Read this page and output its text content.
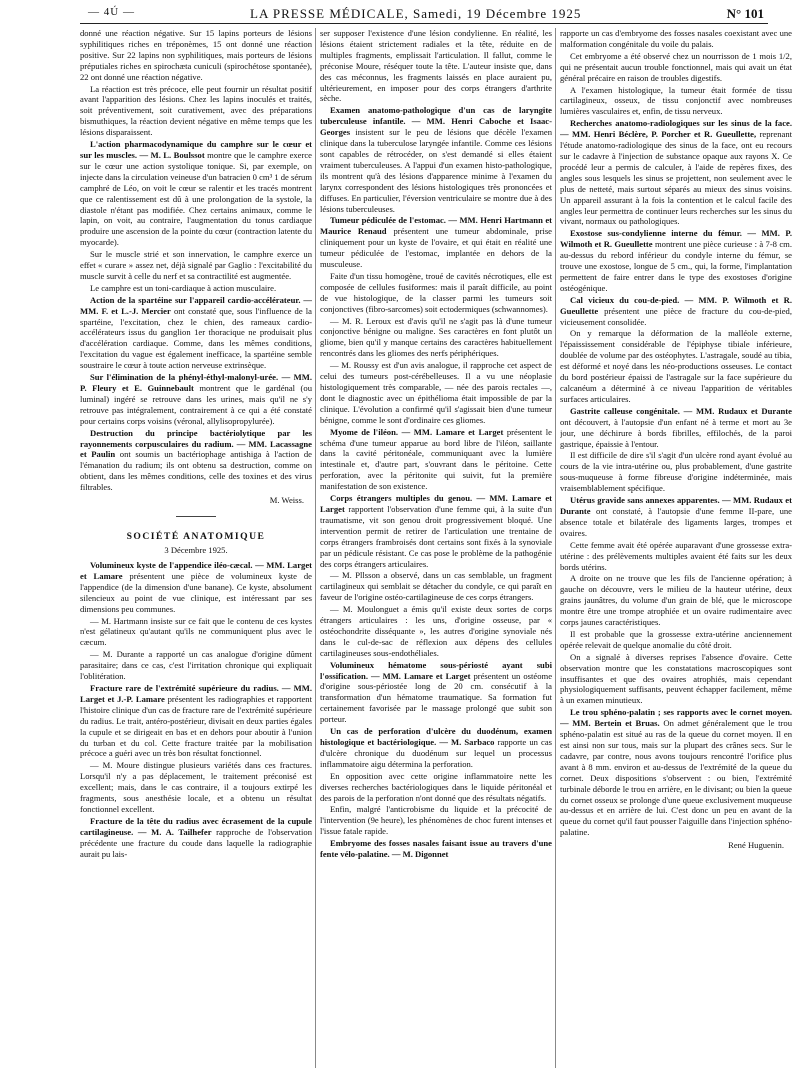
— 4Ú —	LA PRESSE MÉDICALE, Samedi, 19 Décembre 1925	N° 101

donné une réaction négative. Sur 15 lapins porteurs de lésions syphilitiques riches en tréponèmes, 15 ont donné une réaction positive. Sur 22 lapins non syphilitiques, mais porteurs de lésions préputiales riches en spirochæta cuniculi (spirochétose spontanée), 22 ont donné une réaction négative.

La réaction est très précoce, elle peut fournir un résultat positif avant l'apparition des lésions. Chez les lapins inoculés et traités, soit préventivement, soit curativement, avec des préparations bismuthiques, la réaction devient négative en même temps que les lésions disparaissent.

L'action pharmacodynamique du camphre sur le cœur et sur les muscles. — M. L. Boulssot montre que le camphre exerce sur le cœur une action systolique tonique. Si, par exemple, on injecte dans la circulation veineuse d'un batracien 0 cm³ 1 de sérum camphré de Léo, on voit le cœur se ralentir et les tracés montrent que ce ralentissement est dû à une prolongation de la systole, la diastole n'étant pas modifiée. Chez certains animaux, comme le lapin, on voit, au contraire, l'augmentation du tonus cardiaque produire une ascension de la pointe du cœur (contraction latente du myocarde).

Sur le muscle strié et son innervation, le camphre exerce un effet « curare » assez net, déjà signalé par Gaglio : l'excitabilité du muscle survit à celle du nerf et sa contractilité est augmentée.

Le camphre est un toni-cardiaque à action musculaire.

Action de la spartéine sur l'appareil cardio-accélérateur. — MM. F. et L.-J. Mercier ont constaté que, sous l'influence de la spartéine, l'excitation, chez le chien, des rameaux cardio-accélérateurs issus du ganglion 1er thoracique ne produisait plus d'accélération cardiaque. Comme, dans les mêmes conditions, l'excitation du vague est également inefficace, la spartéine semble soustraire le cœur à toute action nerveuse extrinsèque.

Sur l'élimination de la phényl-éthyl-malonyl-urée. — MM. P. Fleury et E. Guinnebault montrent que le gardénal (ou luminal) ingéré se retrouve dans les urines, mais qu'il ne s'y retrouve pas intégralement, contrairement à ce qui a été constaté pour certains corps voisins (véronal, allylisopropylurée).

Destruction du principe bactériolytique par les rayonnements corpusculaires du radium. — MM. Lacassagne et Paulin ont soumis un bactériophage antishiga à l'action de l'émanation du radium; ils ont obtenu sa destruction, comme on obtient, dans les mêmes conditions, celle des toxines et des virus filtrables.

M. Weiss.

SOCIÉTÉ ANATOMIQUE

3 Décembre 1925.

Volumineux kyste de l'appendice iléo-cæcal. — MM. Larget et Lamare présentent une pièce de volumineux kyste de l'appendice (de la dimension d'une banane). Ce kyste, absolument silencieux au point de vue clinique, est intéressant par ses dimensions peu communes.

— M. Hartmann insiste sur ce fait que le contenu de ces kystes n'est gélatineux qu'autant qu'ils ne communiquent plus avec le cæcum.

— M. Durante a rapporté un cas analogue d'origine dûment parasitaire; dans ce cas, c'est l'irritation chronique qui expliquait l'oblitération.

Fracture rare de l'extrémité supérieure du radius. — MM. Larget et J.-P. Lamare présentent les radiographies et rapportent l'histoire clinique d'un cas de fracture rare de l'extrémité supérieure du radius. Le trait, antéro-postérieur, divisait en deux parties égales la cupule et se dirigeait en bas et en dehors pour aboutir à l'union du turban et du col. Cette fracture traitée par la mobilisation précoce a guéri avec un très bon résultat fonctionnel.

— M. Moure distingue plusieurs variétés dans ces fractures. Lorsqu'il n'y a pas déplacement, le traitement préconisé est excellent; mais, dans le cas contraire, il a toujours extirpé les fragments, sous anesthésie locale, et a obtenu un résultat fonctionnel excellent.

Fracture de la tête du radius avec écrasement de la cupule cartilagineuse. — M. A. Tailhefer rapproche de l'observation précédente une fracture du coude dans laquelle la radiographie aurait pu lais-

ser supposer l'existence d'une lésion condylienne. En réalité, les lésions étaient strictement radiales et la tête, réduite en de multiples fragments, emplissait l'articulation. Il fallut, comme le préconise Moure, réséquer toute la tête. L'auteur insiste que, dans des cas méconnus, les fragments laissés en place auraient pu, ultérieurement, en imposer pour des corps étrangers d'arthrite sèche.

Examen anatomo-pathologique d'un cas de laryngite tuberculeuse infantile. — MM. Henri Caboche et Isaac-Georges insistent sur le peu de lésions que décèle l'examen clinique dans la tuberculose laryngée infantile. Comme ces lésions sont capables de rétrocéder, on s'est demandé si elles étaient vraiment tuberculeuses. A l'appui d'un examen histo-pathologique, ils montrent qu'à des lésions d'apparence minime à l'examen du larynx correspondent des lésions histologiques très prononcées et diffuses. En particulier, l'éversion ventriculaire se montre due à des lésions tuberculeuses.

Tumeur pédiculée de l'estomac. — MM. Henri Hartmann et Maurice Renaud présentent une tumeur abdominale, prise cliniquement pour un kyste de l'ovaire, et qui était en réalité une tumeur pédiculée de l'estomac, implantée en dehors de la musculeuse.

Faite d'un tissu homogène, troué de cavités nécrotiques, elle est composée de cellules fusiformes: mais il paraît difficile, au point de vue histologique, de la classer parmi les tumeurs soit conjonctives (fibro-sarcomes) soit ectodermiques (schwannomes).

— M. R. Leroux est d'avis qu'il ne s'agit pas là d'une tumeur conjonctive bénigne ou maligne. Ses caractères en font plutôt un gliome, bien qu'il y manque certains des caractères habituellement rencontrés dans les gliomes des nerfs périphériques.

— M. Roussy est d'un avis analogue, il rapproche cet aspect de celui des tumeurs post-cérébelleuses. Il a vu une néoplasie histologiquement très comparable, — née des parois rectales —, dont le diagnostic avec un épithélioma était impossible de par la clinique. L'évolution a confirmé qu'il s'agissait bien d'une tumeur bénigne, comme le sont d'ordinaire ces gliomes.

Myome de l'iléon. — MM. Lamare et Larget présentent le schéma d'une tumeur apparue au bord libre de l'iléon, saillante dans la cavité péritonéale, communiquant avec la lumière intestinale et, d'autre part, s'ouvrant dans le péritoine. Cette perforation, avec la péritonite qui suivit, fut la première manifestation de son existence.

Corps étrangers multiples du genou. — MM. Lamare et Larget rapportent l'observation d'une femme qui, à la suite d'un traumatisme, vit son genou droit progressivement bloqué. Une intervention permit de retirer de l'articulation une trentaine de corps étrangers frambroisés dont certains sont fixés à la synoviale par un pédicule résistant. Ce cas pose le problème de la pathogénie des corps étrangers articulaires.

— M. Pllsson a observé, dans un cas semblable, un fragment cartilagineux qui semblait se détacher du condyle, ce qui paraît en faveur de l'origine ostéo-cartilagineuse de ces corps étrangers.

— M. Moulonguet a émis qu'il existe deux sortes de corps étrangers articulaires : les uns, d'origine osseuse, par « ostéochondrite disséquante », les autres d'origine synoviale nés dans le cul-de-sac de réflexion aux dépens des cellules cartilagineuses sous-endothéliales.

Volumineux hématome sous-périosté ayant subi l'ossification. — MM. Lamare et Larget présentent un ostéome d'origine sous-périostée long de 20 cm. consécutif à la transformation d'un hématome traumatique. Sa formation fut certainement favorisée par le massage prolongé que subit son porteur.

Un cas de perforation d'ulcère du duodénum, examen histologique et bactériologique. — M. Sarbaco rapporte un cas d'ulcère chronique du duodénum sur lequel un processus inflammatoire aigu détermina la perforation.

En opposition avec cette origine inflammatoire nette les diverses recherches bactériologiques dans le liquide péritonéal et des parois de la perforation n'ont donné que des résultats négatifs.

Enfin, malgré l'anticrobisme du liquide et la précocité de l'intervention (9e heure), les phénomènes de choc furent intenses et l'issue fatale rapide.

Embryome des fosses nasales faisant issue au travers d'une fente vélo-palatine. — M. Digonnet

rapporte un cas d'embryome des fosses nasales coexistant avec une malformation congénitale du voile du palais.

Cet embryome a été observé chez un nourrisson de 1 mois 1/2, qui ne présentait aucun trouble fonctionnel, mais qui avait un état général précaire en raison de troubles digestifs.

A l'examen histologique, la tumeur était formée de tissu cartilagineux, osseux, de tissu conjonctif avec nombreuses lumières vasculaires et, enfin, de tissu nerveux.

Recherches anatomo-radiologiques sur les sinus de la face. — MM. Henri Béclère, P. Porcher et R. Gueullette, reprenant l'étude anatomo-radiologique des sinus de la face, ont eu recours sur le cadavre à l'injection de substance opaque aux rayons X. Ce procédé leur a permis de calculer, à l'aide de repères fixes, des angles sous lesquels les sinus se projettent, non seulement avec le plus de netteté, mais surtout séparés au mieux des sinus voisins. Un appareil assurant à la fois la contention et le calcul facile des angles leur permettra de continuer leurs recherches sur les sinus du vivant, normaux ou pathologiques.

Exostose sus-condylienne interne du fémur. — MM. P. Wilmoth et R. Gueullette montrent une pièce curieuse : à 7-8 cm. au-dessus du rebord inférieur du condyle interne du fémur, se trouve une exostose, longue de 5 cm., qui, la forme, l'implantation permettent de faire entrer dans le type des exostoses d'origine ostéogénique.

Cal vicieux du cou-de-pied. — MM. P. Wilmoth et R. Gueullette présentent une pièce de fracture du cou-de-pied, vicieusement consolidée.

On y remarque la déformation de la malléole externe, l'épaississement considérable de l'épiphyse tibiale inférieure, doublée de volume par des ostéophytes. L'astragale, soudé au tibia, est déformé et noyé dans les néo-productions osseuses. Le contact du bord postérieur épaissi de l'astragale sur la face supérieure du calcanéum a déterminé à ce niveau l'apparition de véritables surfaces articulaires.

Gastrite calleuse congénitale. — MM. Rudaux et Durante ont découvert, à l'autopsie d'un enfant né à terme et mort au 3e jour, une déchirure à bords fibrilles, effilochés, de la paroi gastrique, épaissie à l'entour.

Il est difficile de dire s'il s'agit d'un ulcère rond ayant évolué au cours de la vie intra-utérine ou, plus probablement, d'une gastrite sous-muqueuse à forme fibreuse d'origine indéterminée, mais vraisemblablement spécifique.

Utérus gravide sans annexes apparentes. — MM. Rudaux et Durante ont constaté, à l'autopsie d'une femme II-pare, une absence totale et bilatérale des ligaments larges, trompes et ovaires.

Cette femme avait été opérée auparavant d'une grossesse extra-utérine : des prélèvements multiples avaient été faits sur les deux bords utérins.

A droite on ne trouve que les fils de l'ancienne opération; à gauche on découvre, vers le milieu de la hauteur utérine, deux grains jaunâtres, du volume d'un grain de blé, que le microscope montre être une trompe atrophiée et un ovaire rudimentaire avec corps jaunes caractéristiques.

Il est probable que la grossesse extra-utérine anciennement opérée relevait de quelque anomalie du côté droit.

On a signalé à diverses reprises l'absence d'ovaire. Cette observation montre que les constatations macroscopiques sont insuffisantes et que des ovaires atrophiés, mais cependant physiologiquement suffisants, peuvent échapper facilement, même à un examen minutieux.

Le trou sphéno-palatin ; ses rapports avec le cornet moyen. — MM. Bertein et Bruas. On admet généralement que le trou sphéno-palatin est situé au ras de la queue du cornet moyen. Il en est ainsi non sur tous, mais sur la plupart des crânes secs. Sur le cadavre, par contre, nous avons toujours rencontré l'orifice plus avant à 8 mm. environ et au-dessus de l'extrémité de la queue du cornet. Deux dispositions s'observent : ou bien, l'extrémité turbinale déborde le trou en arrière, en le divisant; ou bien la queue du cornet osseux se prolonge d'une queue exclusivement muqueuse au-dessus et en arrière de lui. C'est donc un peu en avant de la queue du cornet qu'il faut pousser l'aiguille dans l'injection sphéno-palatine.

René Huguenin.
